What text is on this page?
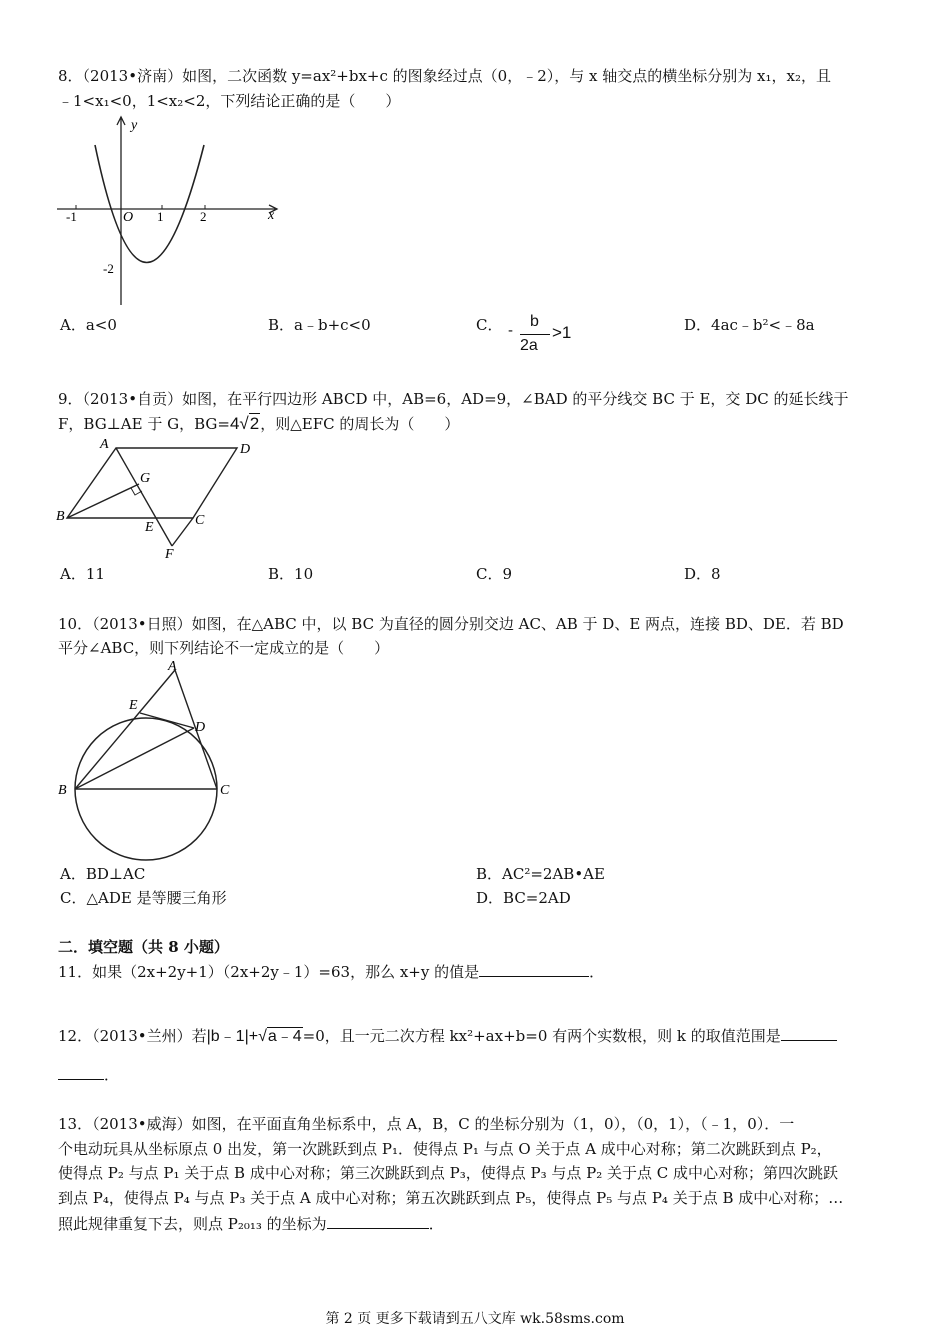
8．（2013•济南）如图，二次函数 y=ax²+bx+c 的图象经过点（0，﹣2），与 x 轴交点的横坐标分别为 x₁，x₂，且
﹣1<x₁<0，1<x₂<2，下列结论正确的是（　　）
y
x
O
-1	1	2
-2
A．a<0	B．a﹣b+c<0	C． -
b
2a
>1	D．4ac﹣b²<﹣8a
9．（2013•自贡）如图，在平行四边形 ABCD 中，AB=6，AD=9，∠BAD 的平分线交 BC 于 E，交 DC 的延长线于
F，BG⊥AE 于 G，BG=4√2，则△EFC 的周长为（　　）
A	D
G
B
E	C
F
A．11	B．10	C．9	D．8
10．（2013•日照）如图，在△ABC 中，以 BC 为直径的圆分别交边 AC、AB 于 D、E 两点，连接 BD、DE．若 BD
平分∠ABC，则下列结论不一定成立的是（　　）
A
E
D
B	C
A．BD⊥AC	B．AC²=2AB•AE
C．△ADE 是等腰三角形	D．BC=2AD
二．填空题（共 8 小题）
11．如果（2x+2y+1）（2x+2y﹣1）=63，那么 x+y 的值是	．
12．（2013•兰州）若|b﹣1|+√a﹣4=0，且一元二次方程 kx²+ax+b=0 有两个实数根，则 k 的取值范围是
．
13．（2013•威海）如图，在平面直角坐标系中，点 A，B，C 的坐标分别为（1，0），（0，1），（﹣1，0）．一
个电动玩具从坐标原点 0 出发，第一次跳跃到点 P₁．使得点 P₁ 与点 O 关于点 A 成中心对称；第二次跳跃到点 P₂，
使得点 P₂ 与点 P₁ 关于点 B 成中心对称；第三次跳跃到点 P₃，使得点 P₃ 与点 P₂ 关于点 C 成中心对称；第四次跳跃
到点 P₄，使得点 P₄ 与点 P₃ 关于点 A 成中心对称；第五次跳跃到点 P₅，使得点 P₅ 与点 P₄ 关于点 B 成中心对称；…
照此规律重复下去，则点 P₂₀₁₃ 的坐标为	．
第 2 页 更多下载请到五八文库 wk.58sms.com
